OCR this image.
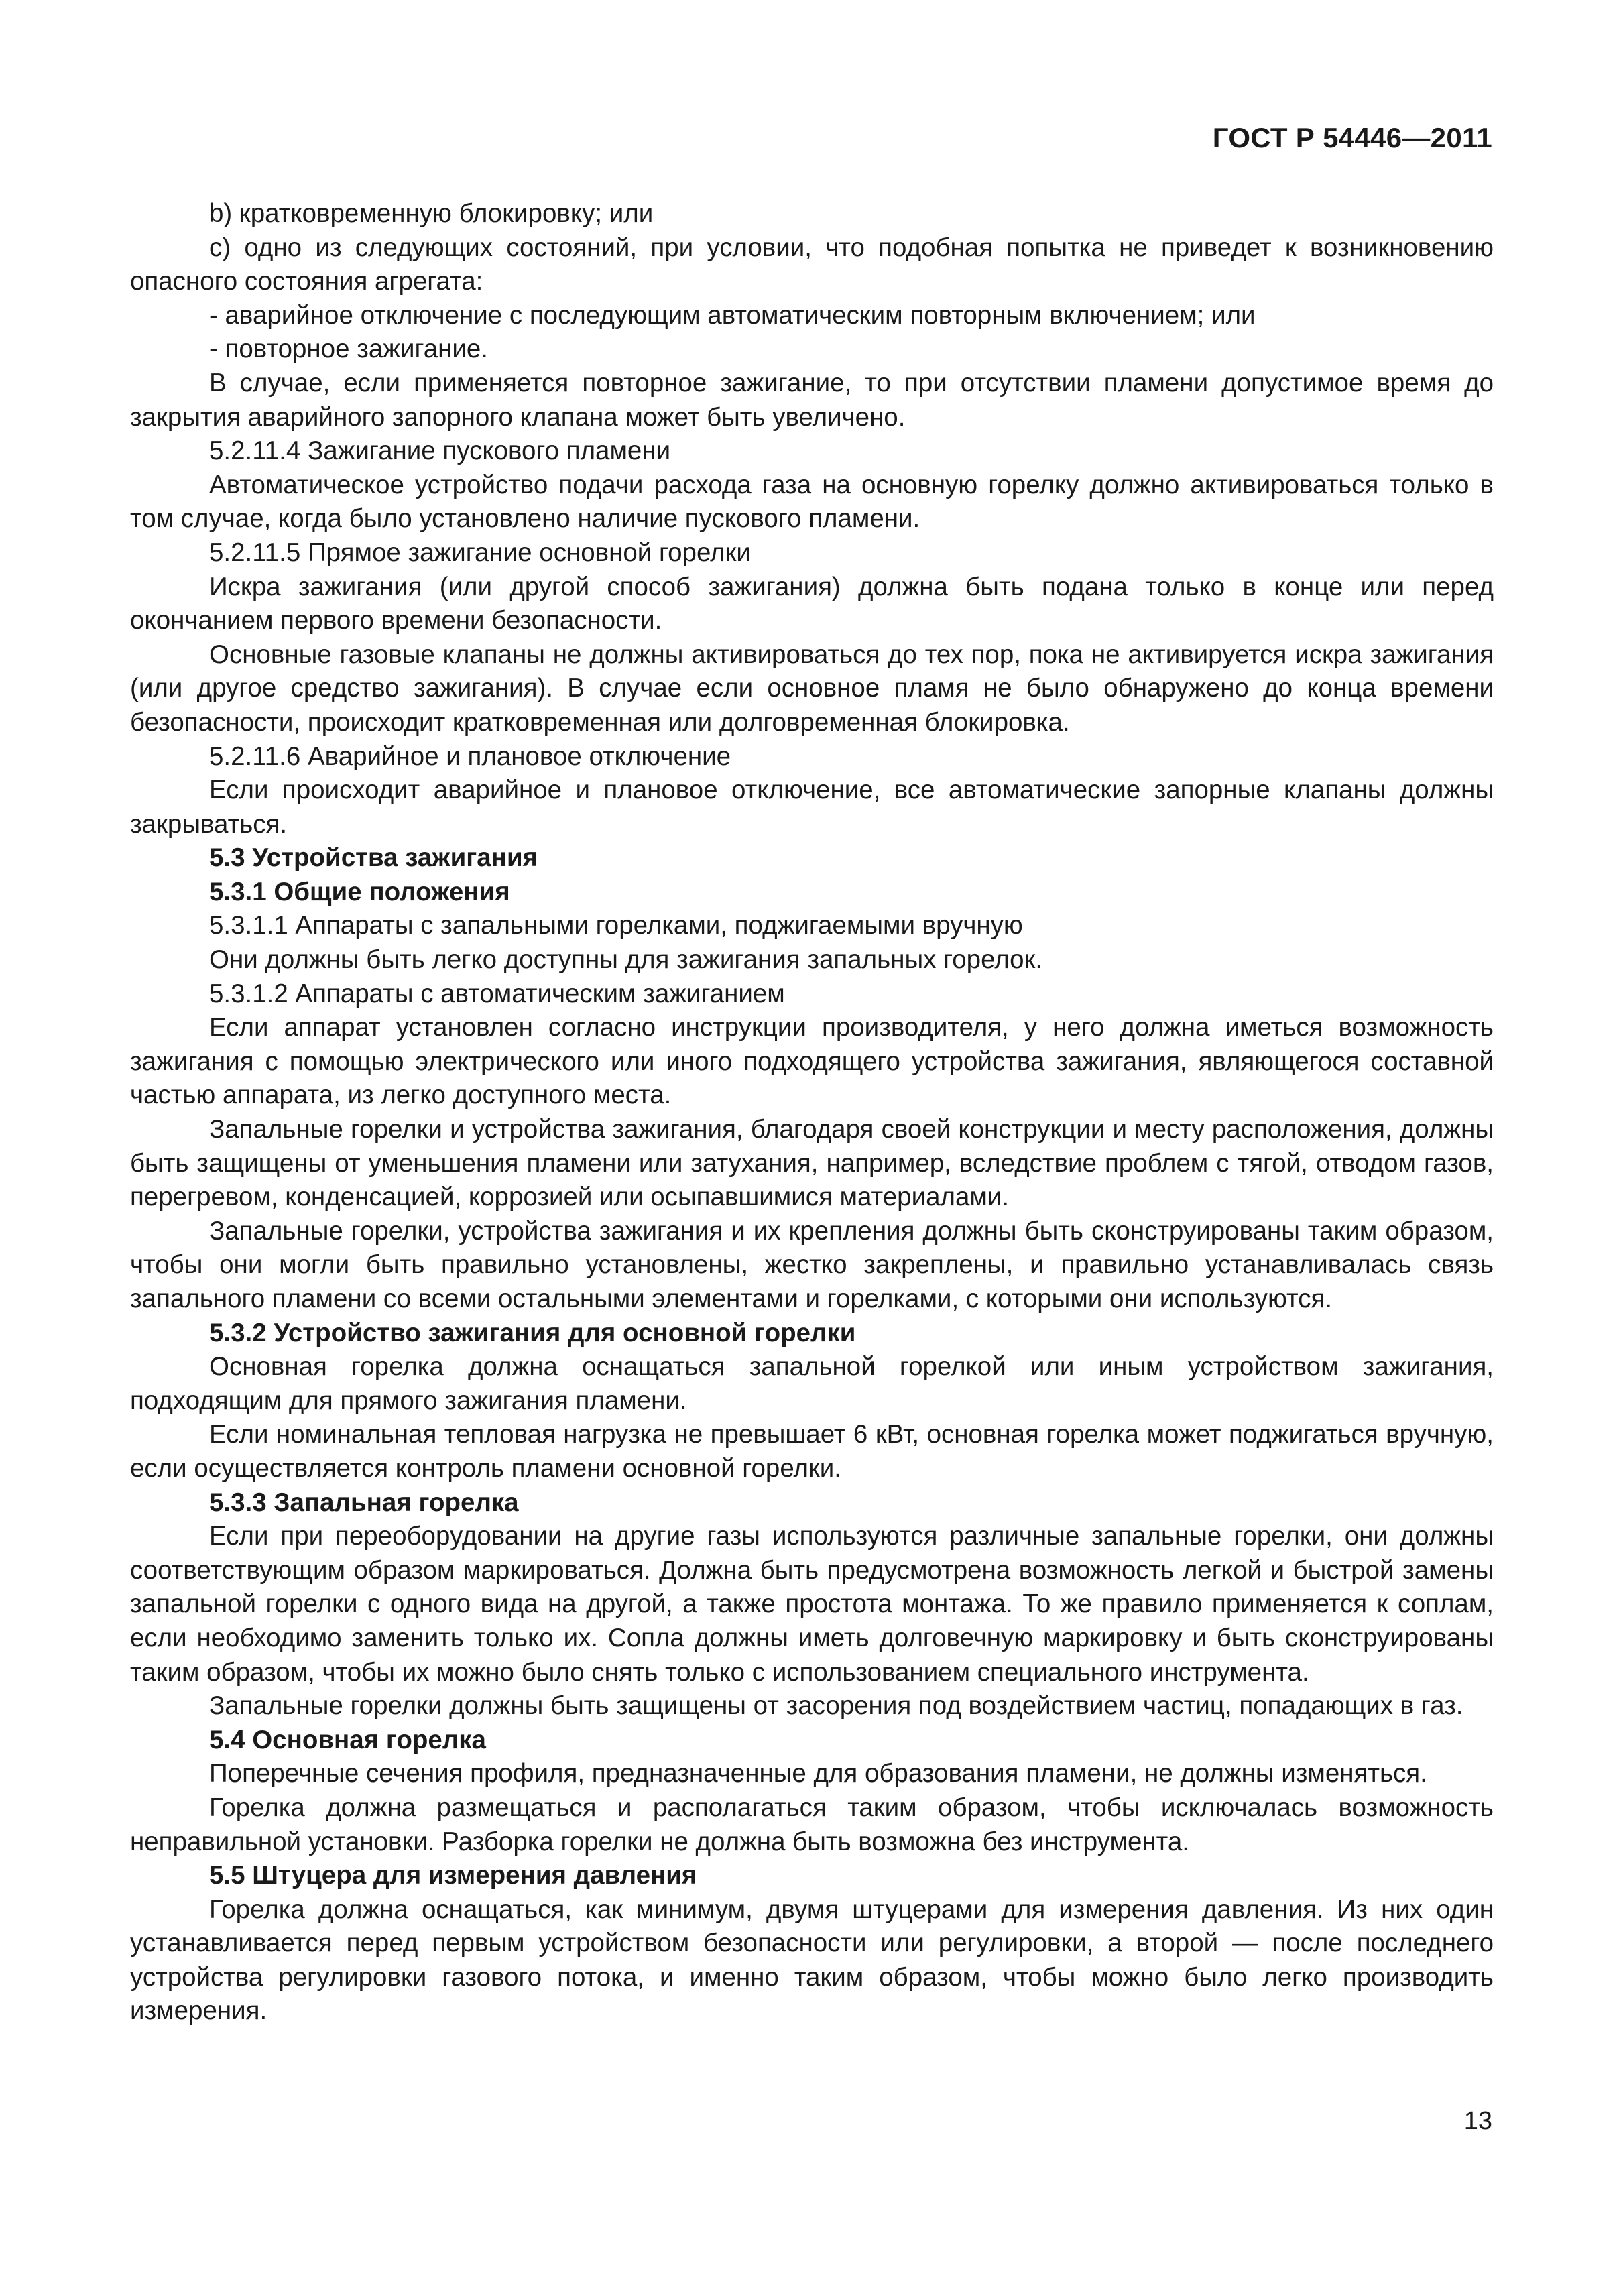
ГОСТ Р 54446—2011

b) кратковременную блокировку; или

c) одно из следующих состояний, при условии, что подобная попытка не приведет к возникновению опасного состояния агрегата:

- аварийное отключение с последующим автоматическим повторным включением; или

- повторное зажигание.

В случае, если применяется повторное зажигание, то при отсутствии пламени допустимое время до закрытия аварийного запорного клапана может быть увеличено.

5.2.11.4 Зажигание пускового пламени

Автоматическое устройство подачи расхода газа на основную горелку должно активироваться только в том случае, когда было установлено наличие пускового пламени.

5.2.11.5 Прямое зажигание основной горелки

Искра зажигания (или другой способ зажигания) должна быть подана только в конце или перед окончанием первого времени безопасности.

Основные газовые клапаны не должны активироваться до тех пор, пока не активируется искра зажигания (или другое средство зажигания). В случае если основное пламя не было обнаружено до конца времени безопасности, происходит кратковременная или долговременная блокировка.

5.2.11.6 Аварийное и плановое отключение

Если происходит аварийное и плановое отключение, все автоматические запорные клапаны должны закрываться.

5.3 Устройства зажигания

5.3.1 Общие положения

5.3.1.1 Аппараты с запальными горелками, поджигаемыми вручную

Они должны быть легко доступны для зажигания запальных горелок.

5.3.1.2 Аппараты с автоматическим зажиганием

Если аппарат установлен согласно инструкции производителя, у него должна иметься возможность зажигания с помощью электрического или иного подходящего устройства зажигания, являющегося составной частью аппарата, из легко доступного места.

Запальные горелки и устройства зажигания, благодаря своей конструкции и месту расположения, должны быть защищены от уменьшения пламени или затухания, например, вследствие проблем с тягой, отводом газов, перегревом, конденсацией, коррозией или осыпавшимися материалами.

Запальные горелки, устройства зажигания и их крепления должны быть сконструированы таким образом, чтобы они могли быть правильно установлены, жестко закреплены, и правильно устанавливалась связь запального пламени со всеми остальными элементами и горелками, с которыми они используются.

5.3.2 Устройство зажигания для основной горелки

Основная горелка должна оснащаться запальной горелкой или иным устройством зажигания, подходящим для прямого зажигания пламени.

Если номинальная тепловая нагрузка не превышает 6 кВт, основная горелка может поджигаться вручную, если осуществляется контроль пламени основной горелки.

5.3.3 Запальная горелка

Если при переоборудовании на другие газы используются различные запальные горелки, они должны соответствующим образом маркироваться. Должна быть предусмотрена возможность легкой и быстрой замены запальной горелки с одного вида на другой, а также простота монтажа. То же правило применяется к соплам, если необходимо заменить только их. Сопла должны иметь долговечную маркировку и быть сконструированы таким образом, чтобы их можно было снять только с использованием специального инструмента.

Запальные горелки должны быть защищены от засорения под воздействием частиц, попадающих в газ.

5.4 Основная горелка

Поперечные сечения профиля, предназначенные для образования пламени, не должны изменяться.

Горелка должна размещаться и располагаться таким образом, чтобы исключалась возможность неправильной установки. Разборка горелки не должна быть возможна без инструмента.

5.5 Штуцера для измерения давления

Горелка должна оснащаться, как минимум, двумя штуцерами для измерения давления. Из них один устанавливается перед первым устройством безопасности или регулировки, а второй — после последнего устройства регулировки газового потока, и именно таким образом, чтобы можно было легко производить измерения.

13
